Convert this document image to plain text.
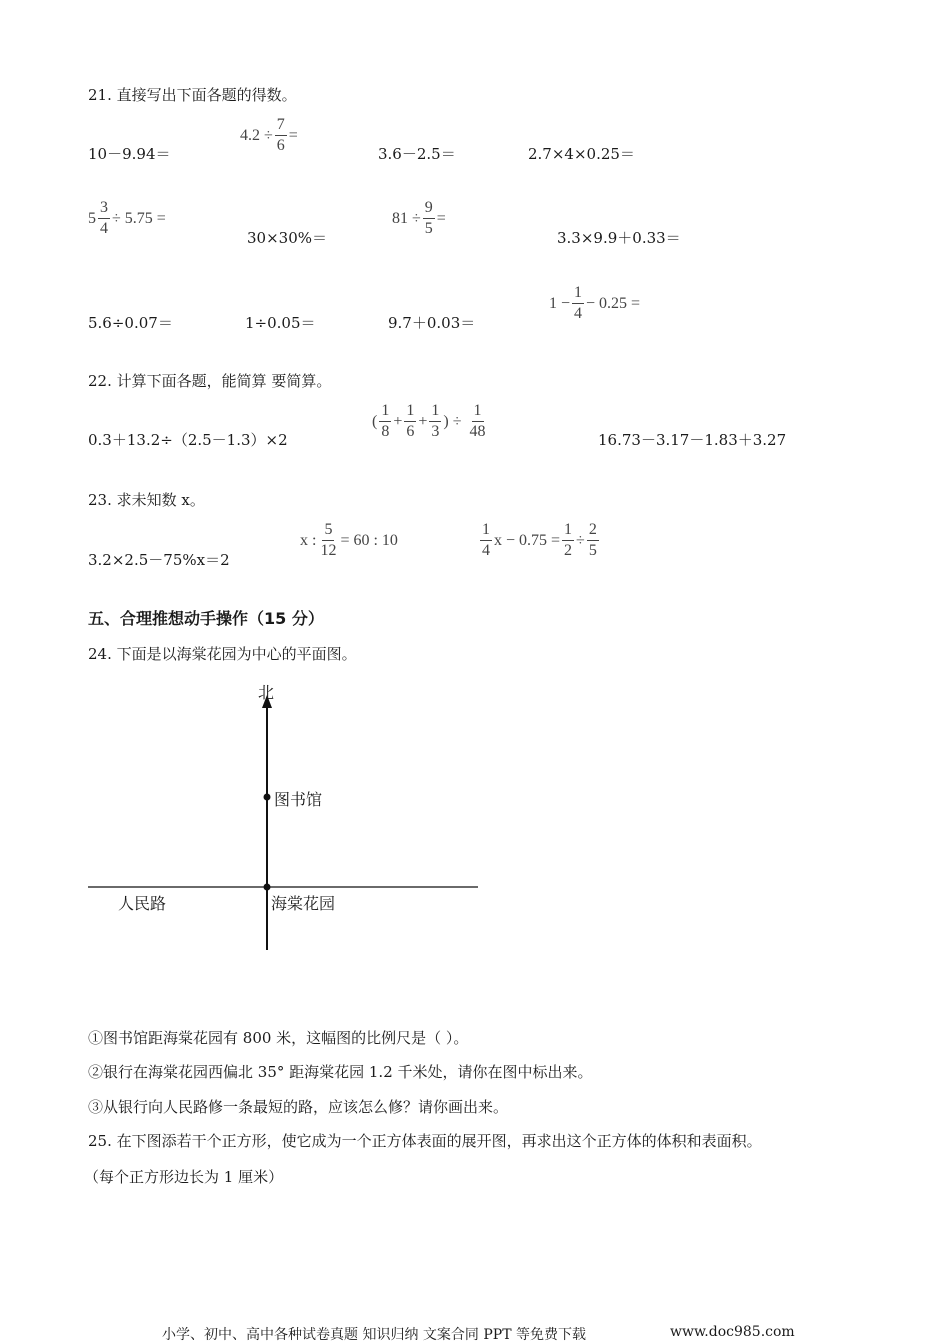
21. 直接写出下面各题的得数。
10－9.94＝
$4.2 \div \frac{7}{6}$ =
3.6－2.5＝	2.7×4×0.25＝
$5 \frac{3}{4} \div 5.75$ =
30×30%＝
$81 \div \frac{9}{5}$ =
3.3×9.9＋0.33＝
5.6÷0.07＝	1÷0.05＝	9.7＋0.03＝
$1 - \frac{1}{4} - 0.25$ =
22. 计算下面各题，能简算 要简算。
0.3＋13.2÷（2.5－1.3）×2
( $\frac{1}{8} + \frac{1}{6} + \frac{1}{3}$ ) ÷ $\frac{1}{48}$	16.73－3.17－1.83＋3.27
23. 求未知数 x。
3.2×2.5－75%x＝2
x : $\frac{5}{12} = 60$ : 10	$\frac{1}{4}$ $x - 0.75 = \frac{1}{2} \div \frac{2}{5}$
五、合理推想动手操作（15 分）
24. 下面是以海棠花园为中心的平面图。
北
图书馆
人民路	海棠花园
①图书馆距海棠花园有 800 米，这幅图的比例尺是（ ）。
②银行在海棠花园西偏北 35° 距海棠花园 1.2 千米处，请你在图中标出来。
③从银行向人民路修一条最短的路，应该怎么修？请你画出来。
25. 在下图添若干个正方形，使它成为一个正方体表面的展开图，再求出这个正方体的体积和表面积。
（每个正方形边长为 1 厘米）
小学、初中、高中各种试卷真题 知识归纳 文案合同 PPT 等免费下载	www.doc985.com
